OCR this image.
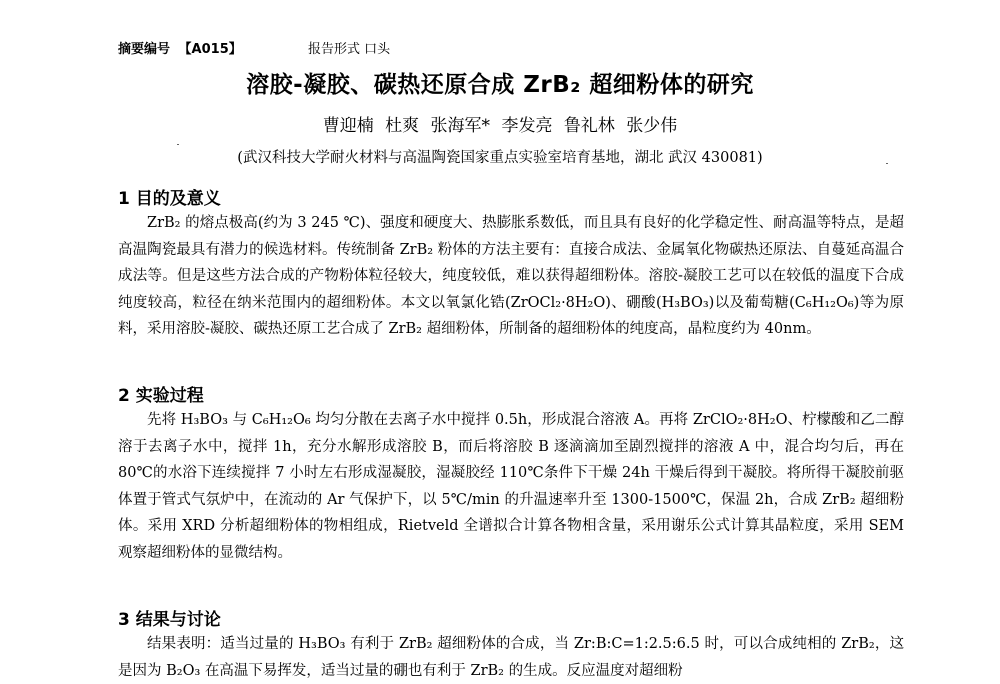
摘要编号 【A015】	报告形式 口头
溶胶-凝胶、碳热还原合成 ZrB₂ 超细粉体的研究
曹迎楠 杜爽 张海军* 李发亮 鲁礼林 张少伟
(武汉科技大学耐火材料与高温陶瓷国家重点实验室培育基地，湖北 武汉 430081)
1 目的及意义
ZrB₂ 的熔点极高(约为 3 245 ℃)、强度和硬度大、热膨胀系数低，而且具有良好的化学稳定性、耐高温等特点，是超高温陶瓷最具有潜力的候选材料。传统制备 ZrB₂ 粉体的方法主要有：直接合成法、金属氧化物碳热还原法、自蔓延高温合成法等。但是这些方法合成的产物粉体粒径较大，纯度较低，难以获得超细粉体。溶胶-凝胶工艺可以在较低的温度下合成纯度较高，粒径在纳米范围内的超细粉体。本文以氧氯化锆(ZrOCl₂·8H₂O)、硼酸(H₃BO₃)以及葡萄糖(C₆H₁₂O₆)等为原料，采用溶胶-凝胶、碳热还原工艺合成了 ZrB₂ 超细粉体，所制备的超细粉体的纯度高，晶粒度约为 40nm。
2 实验过程
先将 H₃BO₃ 与 C₆H₁₂O₆ 均匀分散在去离子水中搅拌 0.5h，形成混合溶液 A。再将 ZrClO₂·8H₂O、柠檬酸和乙二醇溶于去离子水中，搅拌 1h，充分水解形成溶胶 B，而后将溶胶 B 逐滴滴加至剧烈搅拌的溶液 A 中，混合均匀后，再在 80℃的水浴下连续搅拌 7 小时左右形成湿凝胶，湿凝胶经 110℃条件下干燥 24h 干燥后得到干凝胶。将所得干凝胶前驱体置于管式气氛炉中，在流动的 Ar 气保护下，以 5℃/min 的升温速率升至 1300-1500℃，保温 2h，合成 ZrB₂ 超细粉体。采用 XRD 分析超细粉体的物相组成，Rietveld 全谱拟合计算各物相含量，采用谢乐公式计算其晶粒度，采用 SEM 观察超细粉体的显微结构。
3 结果与讨论
结果表明：适当过量的 H₃BO₃ 有利于 ZrB₂ 超细粉体的合成，当 Zr:B:C=1:2.5:6.5 时，可以合成纯相的 ZrB₂，这是因为 B₂O₃ 在高温下易挥发，适当过量的硼也有利于 ZrB₂ 的生成。反应温度对超细粉
